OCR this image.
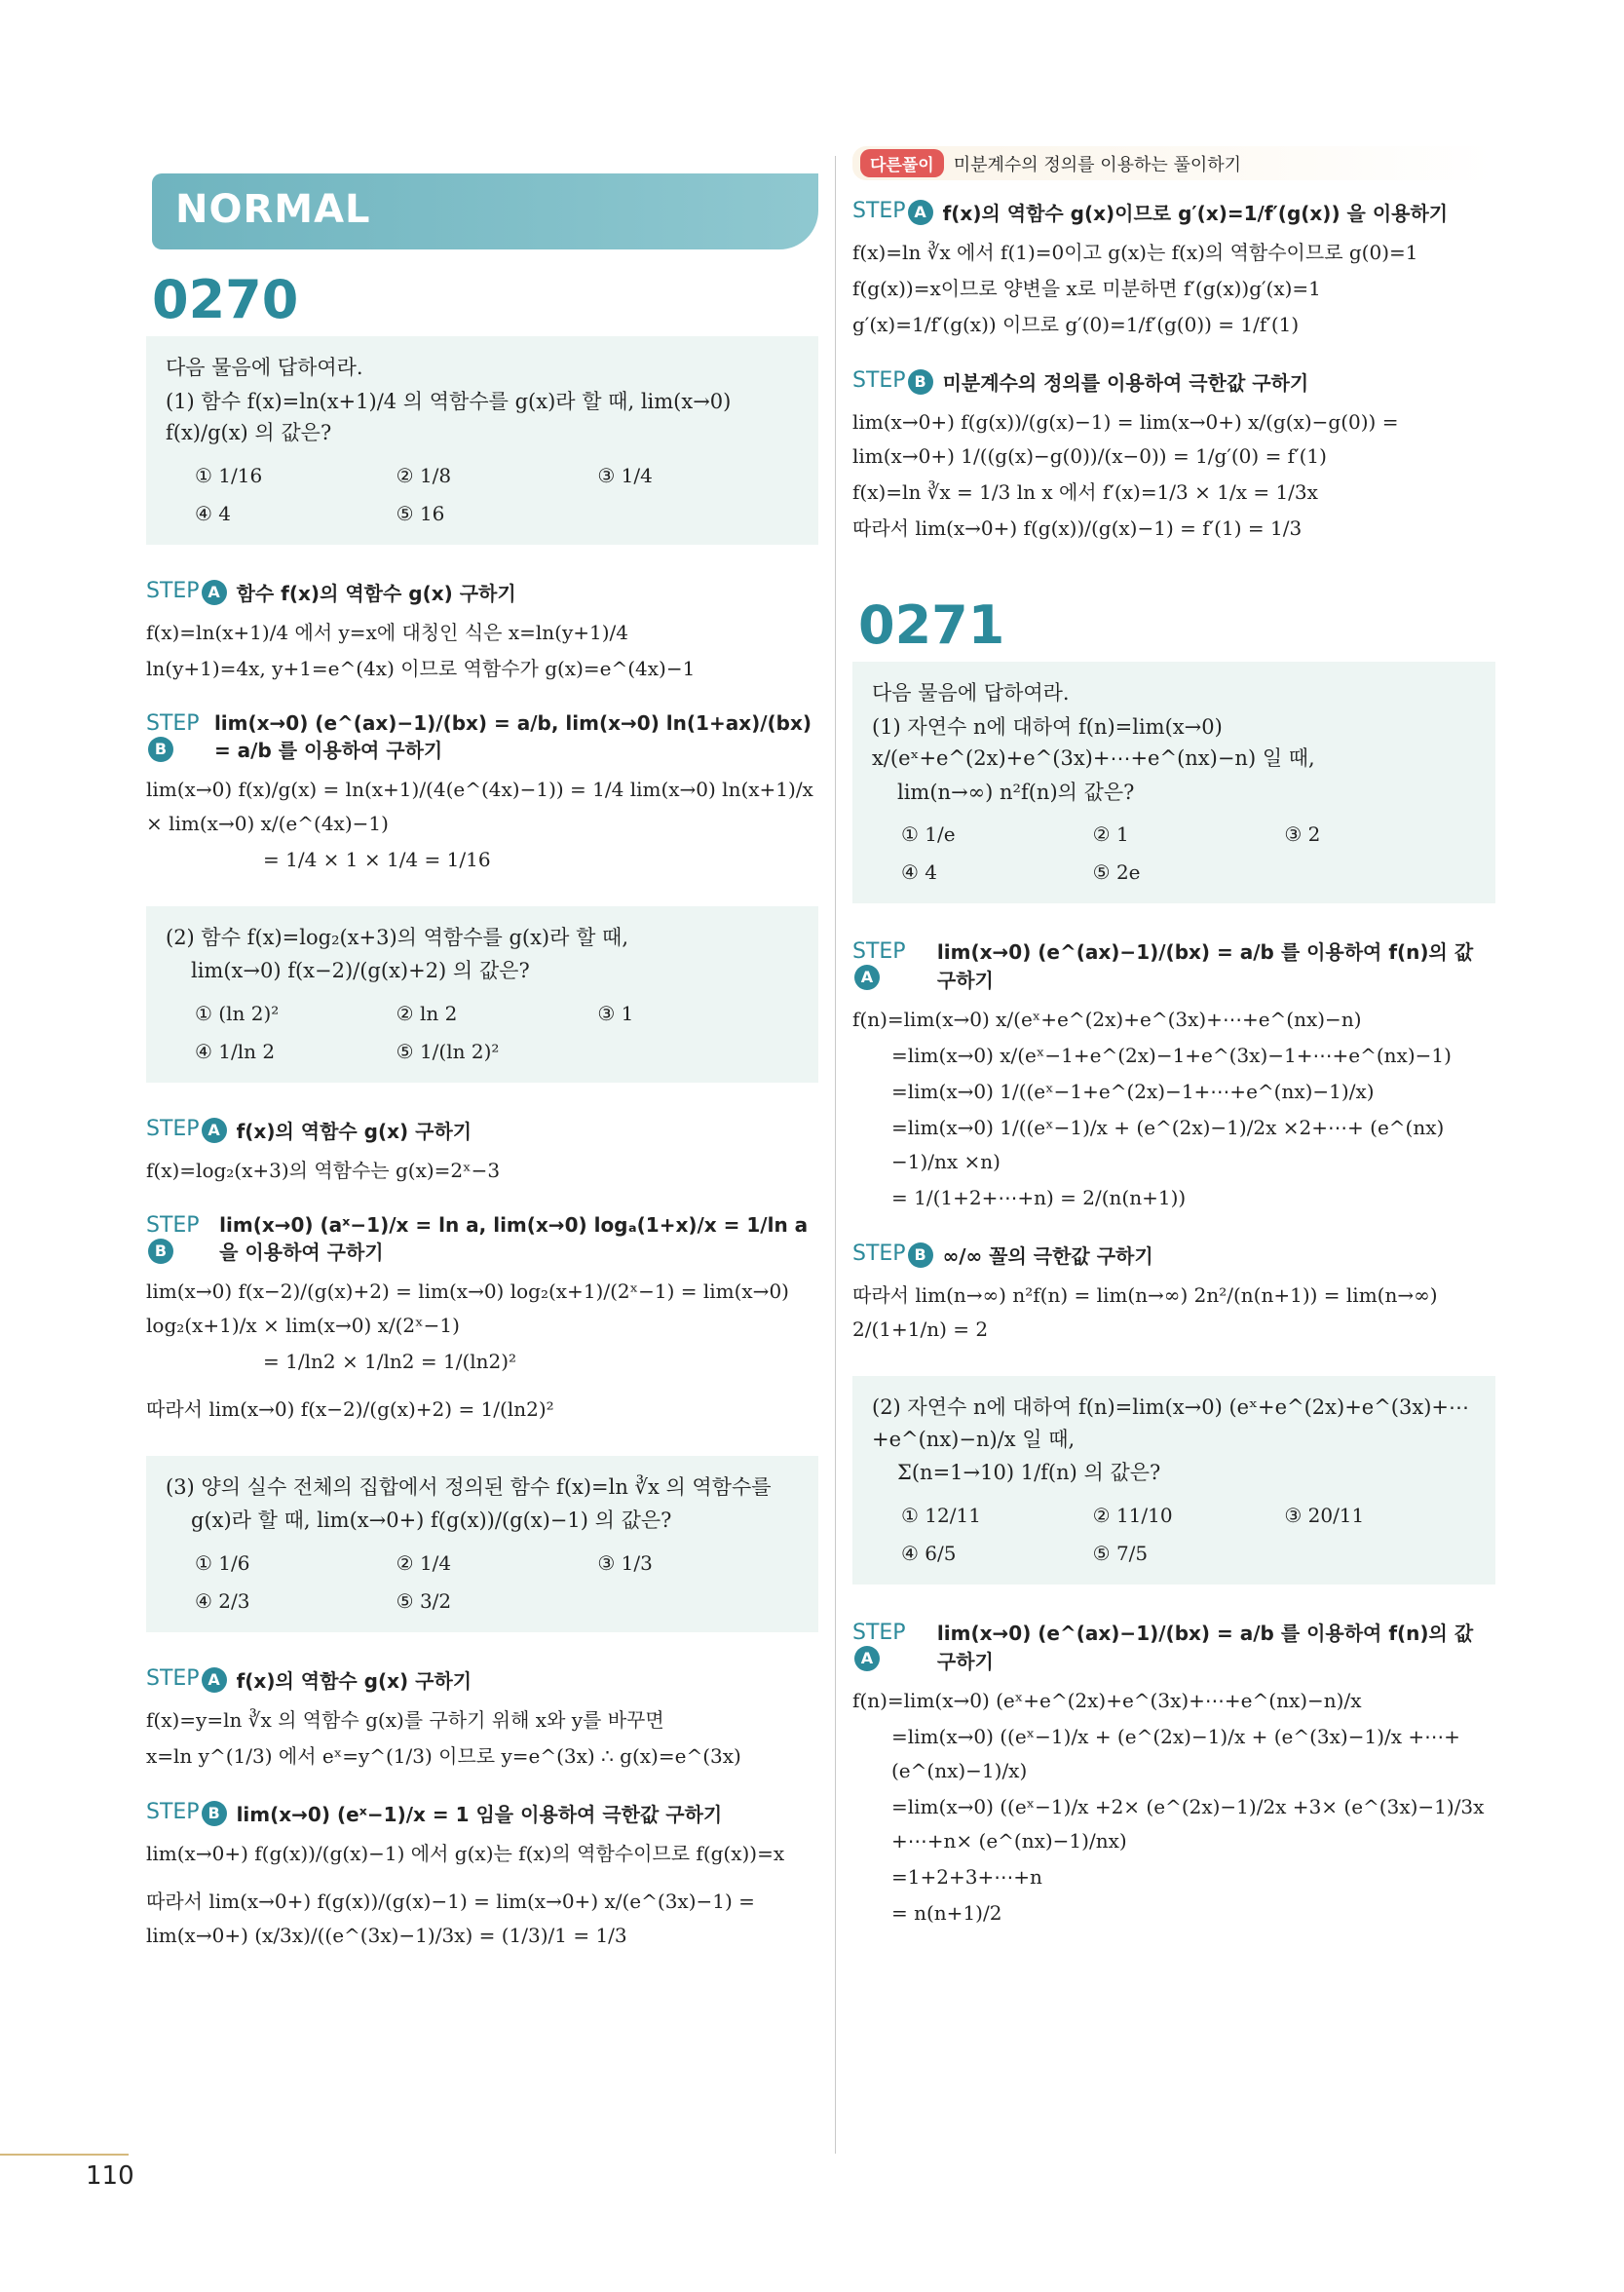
NORMAL
0270

다음 물음에 답하여라.

(1) 함수 f(x)=ln(x+1)/4 의 역함수를 g(x)라 할 때, lim(x→0) f(x)/g(x) 의 값은?

① 1/16	② 1/8	③ 1/4
④ 4	⑤ 16
STEP A 함수 f(x)의 역함수 g(x) 구하기

f(x)=ln(x+1)/4 에서 y=x에 대칭인 식은 x=ln(y+1)/4

ln(y+1)=4x, y+1=e^(4x) 이므로 역함수가 g(x)=e^(4x)−1

STEPB
lim(x→0) (e^(ax)−1)/(bx) = a/b, lim(x→0) ln(1+ax)/(bx) = a/b 를 이용하여 구하기

lim(x→0) f(x)/g(x) = ln(x+1)/(4(e^(4x)−1)) = 1/4 lim(x→0) ln(x+1)/x × lim(x→0) x/(e^(4x)−1)

= 1/4 × 1 × 1/4 = 1/16

(2) 함수 f(x)=log₂(x+3)의 역함수를 g(x)라 할 때,

lim(x→0) f(x−2)/(g(x)+2) 의 값은?

① (ln 2)²	② ln 2	③ 1
④ 1/ln 2	⑤ 1/(ln 2)²
STEP A f(x)의 역함수 g(x) 구하기

f(x)=log₂(x+3)의 역함수는 g(x)=2ˣ−3

STEPB
lim(x→0) (aˣ−1)/x = ln a, lim(x→0) logₐ(1+x)/x = 1/ln a 을 이용하여 구하기

lim(x→0) f(x−2)/(g(x)+2) = lim(x→0) log₂(x+1)/(2ˣ−1) = lim(x→0) log₂(x+1)/x × lim(x→0) x/(2ˣ−1)

= 1/ln2 × 1/ln2 = 1/(ln2)²

따라서 lim(x→0) f(x−2)/(g(x)+2) = 1/(ln2)²

(3) 양의 실수 전체의 집합에서 정의된 함수 f(x)=ln ∛x 의 역함수를

g(x)라 할 때, lim(x→0+) f(g(x))/(g(x)−1) 의 값은?

① 1/6	② 1/4	③ 1/3
④ 2/3	⑤ 3/2
STEP A f(x)의 역함수 g(x) 구하기

f(x)=y=ln ∛x 의 역함수 g(x)를 구하기 위해 x와 y를 바꾸면

x=ln y^(1/3) 에서 eˣ=y^(1/3) 이므로 y=e^(3x) ∴ g(x)=e^(3x)

STEP B lim(x→0) (eˣ−1)/x = 1 임을 이용하여 극한값 구하기

lim(x→0+) f(g(x))/(g(x)−1) 에서 g(x)는 f(x)의 역함수이므로 f(g(x))=x

따라서 lim(x→0+) f(g(x))/(g(x)−1) = lim(x→0+) x/(e^(3x)−1) = lim(x→0+) (x/3x)/((e^(3x)−1)/3x) = (1/3)/1 = 1/3

다른풀이	미분계수의 정의를 이용하는 풀이하기
STEP A f(x)의 역함수 g(x)이므로 g′(x)=1/f′(g(x)) 을 이용하기

f(x)=ln ∛x 에서 f(1)=0이고 g(x)는 f(x)의 역함수이므로 g(0)=1

f(g(x))=x이므로 양변을 x로 미분하면 f′(g(x))g′(x)=1

g′(x)=1/f′(g(x)) 이므로 g′(0)=1/f′(g(0)) = 1/f′(1)

STEP B 미분계수의 정의를 이용하여 극한값 구하기

lim(x→0+) f(g(x))/(g(x)−1) = lim(x→0+) x/(g(x)−g(0)) = lim(x→0+) 1/((g(x)−g(0))/(x−0)) = 1/g′(0) = f′(1)

f(x)=ln ∛x = 1/3 ln x 에서 f′(x)=1/3 × 1/x = 1/3x

따라서 lim(x→0+) f(g(x))/(g(x)−1) = f′(1) = 1/3

0271

다음 물음에 답하여라.

(1) 자연수 n에 대하여 f(n)=lim(x→0) x/(eˣ+e^(2x)+e^(3x)+⋯+e^(nx)−n) 일 때,

lim(n→∞) n²f(n)의 값은?

① 1/e	② 1	③ 2
④ 4	⑤ 2e
STEPA
lim(x→0) (e^(ax)−1)/(bx) = a/b 를 이용하여 f(n)의 값 구하기

f(n)=lim(x→0) x/(eˣ+e^(2x)+e^(3x)+⋯+e^(nx)−n)

=lim(x→0) x/(eˣ−1+e^(2x)−1+e^(3x)−1+⋯+e^(nx)−1)

=lim(x→0) 1/((eˣ−1+e^(2x)−1+⋯+e^(nx)−1)/x)

=lim(x→0) 1/((eˣ−1)/x + (e^(2x)−1)/2x ×2+⋯+ (e^(nx)−1)/nx ×n)

= 1/(1+2+⋯+n) = 2/(n(n+1))

STEP B ∞/∞ 꼴의 극한값 구하기

따라서 lim(n→∞) n²f(n) = lim(n→∞) 2n²/(n(n+1)) = lim(n→∞) 2/(1+1/n) = 2

(2) 자연수 n에 대하여 f(n)=lim(x→0) (eˣ+e^(2x)+e^(3x)+⋯+e^(nx)−n)/x 일 때,

Σ(n=1→10) 1/f(n) 의 값은?

① 12/11	② 11/10	③ 20/11
④ 6/5	⑤ 7/5
STEPA
lim(x→0) (e^(ax)−1)/(bx) = a/b 를 이용하여 f(n)의 값 구하기

f(n)=lim(x→0) (eˣ+e^(2x)+e^(3x)+⋯+e^(nx)−n)/x

=lim(x→0) ((eˣ−1)/x + (e^(2x)−1)/x + (e^(3x)−1)/x +⋯+ (e^(nx)−1)/x)

=lim(x→0) ((eˣ−1)/x +2× (e^(2x)−1)/2x +3× (e^(3x)−1)/3x +⋯+n× (e^(nx)−1)/nx)

=1+2+3+⋯+n

= n(n+1)/2

110
